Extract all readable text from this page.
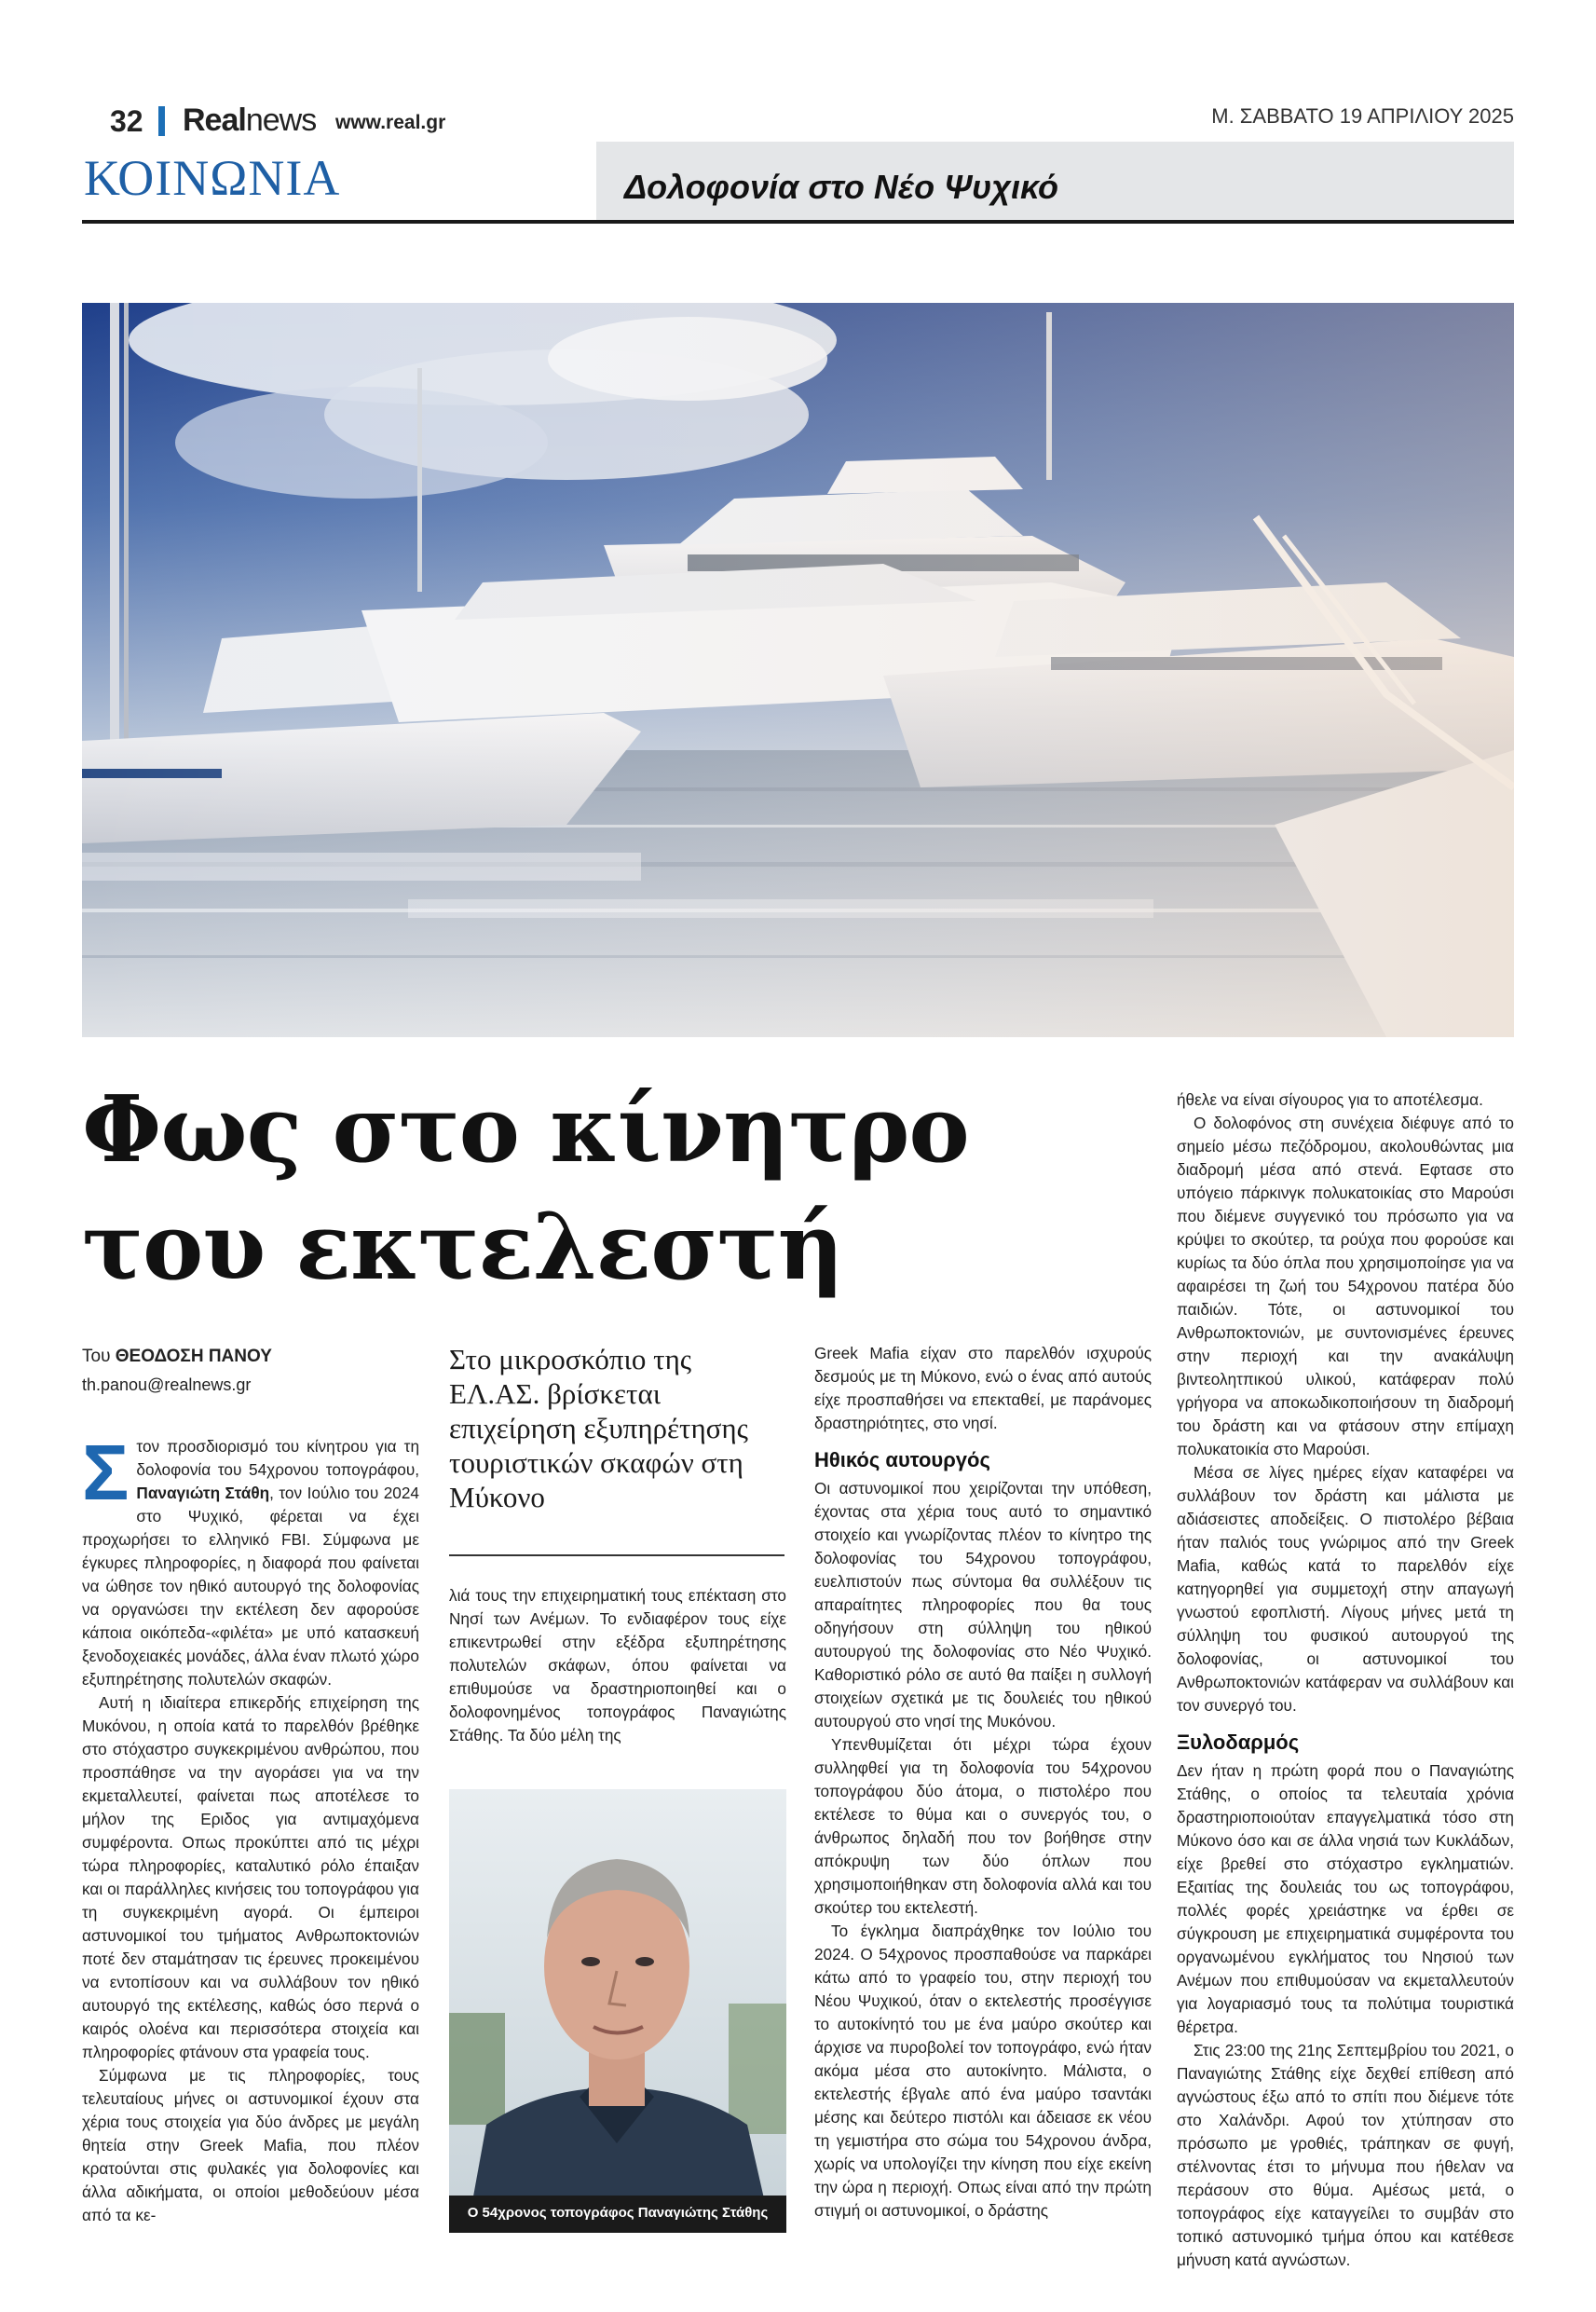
32 Realnews www.real.gr	Μ. ΣΑΒΒΑΤΟ 19 ΑΠΡΙΛΙΟΥ 2025
ΚΟΙΝΩΝΙΑ	Δολοφονία στο Νέο Ψυχικό
Φως στο κίνητρο
του εκτελεστή
Του ΘΕΟΔΟΣΗ ΠΑΝΟΥ
th.panou@realnews.gr
Σ τον προσδιορισμό του κίνητρου για τη δολοφονία του 54χρονου τοπογράφου, Παναγιώτη Στάθη, τον Ιούλιο του 2024 στο Ψυχικό, φέρεται να έχει προχωρήσει το ελληνικό FBI. Σύμφωνα με έγκυρες πληροφορίες, η διαφορά που φαίνεται να ώθησε τον ηθικό αυτουργό της δολοφονίας να οργανώσει την εκτέλεση δεν αφορούσε κάποια οικόπεδα-«φιλέτα» με υπό κατασκευή ξενοδοχειακές μονάδες, άλλα έναν πλωτό χώρο εξυπηρέτησης πολυτελών σκαφών.

Αυτή η ιδιαίτερα επικερδής επιχείρηση της Μυκόνου, η οποία κατά το παρελθόν βρέθηκε στο στόχαστρο συγκεκριμένου ανθρώπου, που προσπάθησε να την αγοράσει για να την εκμεταλλευτεί, φαίνεται πως αποτέλεσε το μήλον της Εριδος για αντιμαχόμενα συμφέροντα. Οπως προκύπτει από τις μέχρι τώρα πληροφορίες, καταλυτικό ρόλο έπαιξαν και οι παράλληλες κινήσεις του τοπογράφου για τη συγκεκριμένη αγορά. Οι έμπειροι αστυνομικοί του τμήματος Ανθρωποκτονιών ποτέ δεν σταμάτησαν τις έρευνες προκειμένου να εντοπίσουν και να συλλάβουν τον ηθικό αυτουργό της εκτέλεσης, καθώς όσο περνά ο καιρός ολοένα και περισσότερα στοιχεία και πληροφορίες φτάνουν στα γραφεία τους.

Σύμφωνα με τις πληροφορίες, τους τελευταίους μήνες οι αστυνομικοί έχουν στα χέρια τους στοιχεία για δύο άνδρες με μεγάλη θητεία στην Greek Mafia, που πλέον κρατούνται στις φυλακές για δολοφονίες και άλλα αδικήματα, οι οποίοι μεθοδεύουν μέσα από τα κε-

Στο μικροσκόπιο της ΕΛ.ΑΣ. βρίσκεται επιχείρηση εξυπηρέτησης τουριστικών σκαφών στη Μύκονο

λιά τους την επιχειρηματική τους επέκταση στο Νησί των Ανέμων. Το ενδιαφέρον τους είχε επικεντρωθεί στην εξέδρα εξυπηρέτησης πολυτελών σκάφων, όπου φαίνεται να επιθυμούσε να δραστηριοποιηθεί και ο δολοφονημένος τοπογράφος Παναγιώτης Στάθης. Τα δύο μέλη της

Ο 54χρονος τοπογράφος Παναγιώτης Στάθης

Greek Mafia είχαν στο παρελθόν ισχυρούς δεσμούς με τη Μύκονο, ενώ ο ένας από αυτούς είχε προσπαθήσει να επεκταθεί, με παράνομες δραστηριότητες, στο νησί.

Ηθικός αυτουργός

Οι αστυνομικοί που χειρίζονται την υπόθεση, έχοντας στα χέρια τους αυτό το σημαντικό στοιχείο και γνωρίζοντας πλέον το κίνητρο της δολοφονίας του 54χρονου τοπογράφου, ευελπιστούν πως σύντομα θα συλλέξουν τις απαραίτητες πληροφορίες που θα τους οδηγήσουν στη σύλληψη του ηθικού αυτουργού της δολοφονίας στο Νέο Ψυχικό. Καθοριστικό ρόλο σε αυτό θα παίξει η συλλογή στοιχείων σχετικά με τις δουλειές του ηθικού αυτουργού στο νησί της Μυκόνου.

Υπενθυμίζεται ότι μέχρι τώρα έχουν συλληφθεί για τη δολοφονία του 54χρονου τοπογράφου δύο άτομα, ο πιστολέρο που εκτέλεσε το θύμα και ο συνεργός του, ο άνθρωπος δηλαδή που τον βοήθησε στην απόκρυψη των δύο όπλων που χρησιμοποιήθηκαν στη δολοφονία αλλά και του σκούτερ του εκτελεστή.

Το έγκλημα διαπράχθηκε τον Ιούλιο του 2024. Ο 54χρονος προσπαθούσε να παρκάρει κάτω από το γραφείο του, στην περιοχή του Νέου Ψυχικού, όταν ο εκτελεστής προσέγγισε το αυτοκίνητό του με ένα μαύρο σκούτερ και άρχισε να πυροβολεί τον τοπογράφο, ενώ ήταν ακόμα μέσα στο αυτοκίνητο. Μάλιστα, ο εκτελεστής έβγαλε από ένα μαύρο τσαντάκι μέσης και δεύτερο πιστόλι και άδειασε εκ νέου τη γεμιστήρα στο σώμα του 54χρονου άνδρα, χωρίς να υπολογίζει την κίνηση που είχε εκείνη την ώρα η περιοχή. Οπως είναι από την πρώτη στιγμή οι αστυνομικοί, ο δράστης

ήθελε να είναι σίγουρος για το αποτέλεσμα.

Ο δολοφόνος στη συνέχεια διέφυγε από το σημείο μέσω πεζόδρομου, ακολουθώντας μια διαδρομή μέσα από στενά. Εφτασε στο υπόγειο πάρκινγκ πολυκατοικίας στο Μαρούσι που διέμενε συγγενικό του πρόσωπο για να κρύψει το σκούτερ, τα ρούχα που φορούσε και κυρίως τα δύο όπλα που χρησιμοποίησε για να αφαιρέσει τη ζωή του 54χρονου πατέρα δύο παιδιών. Τότε, οι αστυνομικοί του Ανθρωποκτονιών, με συντονισμένες έρευνες στην περιοχή και την ανακάλυψη βιντεολητπικού υλικού, κατάφεραν πολύ γρήγορα να αποκωδικοποιήσουν τη διαδρομή του δράστη και να φτάσουν στην επίμαχη πολυκατοικία στο Μαρούσι.

Μέσα σε λίγες ημέρες είχαν καταφέρει να συλλάβουν τον δράστη και μάλιστα με αδιάσειστες αποδείξεις. Ο πιστολέρο βέβαια ήταν παλιός τους γνώριμος από την Greek Mafia, καθώς κατά το παρελθόν είχε κατηγορηθεί για συμμετοχή στην απαγωγή γνωστού εφοπλιστή. Λίγους μήνες μετά τη σύλληψη του φυσικού αυτουργού της δολοφονίας, οι αστυνομικοί του Ανθρωποκτονιών κατάφεραν να συλλάβουν και τον συνεργό του.

Ξυλοδαρμός

Δεν ήταν η πρώτη φορά που ο Παναγιώτης Στάθης, ο οποίος τα τελευταία χρόνια δραστηριοποιούταν επαγγελματικά τόσο στη Μύκονο όσο και σε άλλα νησιά των Κυκλάδων, είχε βρεθεί στο στόχαστρο εγκληματιών. Εξαιτίας της δουλειάς του ως τοπογράφου, πολλές φορές χρειάστηκε να έρθει σε σύγκρουση με επιχειρηματικά συμφέροντα του οργανωμένου εγκλήματος του Νησιού των Ανέμων που επιθυμούσαν να εκμεταλλευτούν για λογαριασμό τους τα πολύτιμα τουριστικά θέρετρα.

Στις 23:00 της 21ης Σεπτεμβρίου του 2021, ο Παναγιώτης Στάθης είχε δεχθεί επίθεση από αγνώστους έξω από το σπίτι που διέμενε τότε στο Χαλάνδρι. Αφού τον χτύπησαν στο πρόσωπο με γροθιές, τράπηκαν σε φυγή, στέλνοντας έτσι το μήνυμα που ήθελαν να περάσουν στο θύμα. Αμέσως μετά, ο τοπογράφος είχε καταγγείλει το συμβάν στο τοπικό αστυνομικό τμήμα όπου και κατέθεσε μήνυση κατά αγνώστων.
